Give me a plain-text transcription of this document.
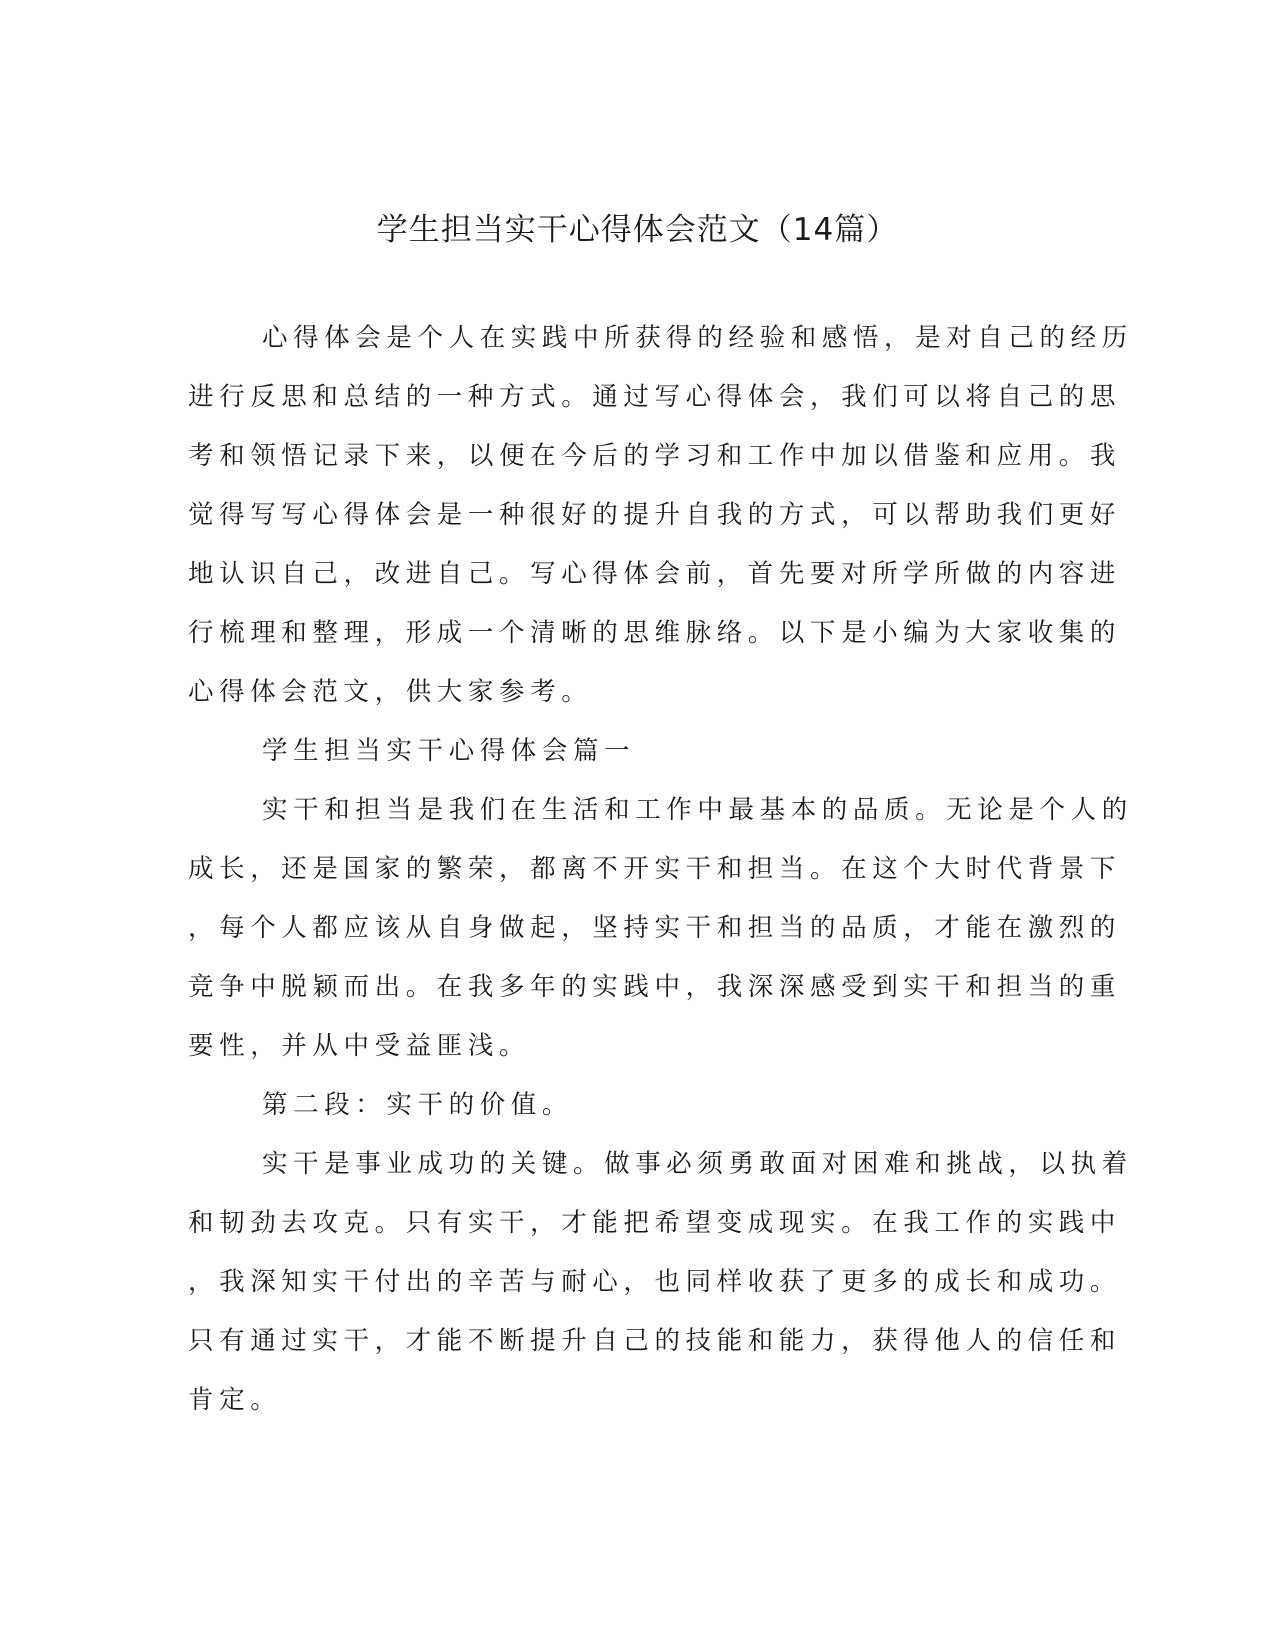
学生担当实干心得体会范文（14篇）

心得体会是个人在实践中所获得的经验和感悟，是对自己的经历

进行反思和总结的一种方式。通过写心得体会，我们可以将自己的思

考和领悟记录下来，以便在今后的学习和工作中加以借鉴和应用。我

觉得写写心得体会是一种很好的提升自我的方式，可以帮助我们更好

地认识自己，改进自己。写心得体会前，首先要对所学所做的内容进

行梳理和整理，形成一个清晰的思维脉络。以下是小编为大家收集的

心得体会范文，供大家参考。

学生担当实干心得体会篇一

实干和担当是我们在生活和工作中最基本的品质。无论是个人的

成长，还是国家的繁荣，都离不开实干和担当。在这个大时代背景下

，每个人都应该从自身做起，坚持实干和担当的品质，才能在激烈的

竞争中脱颖而出。在我多年的实践中，我深深感受到实干和担当的重

要性，并从中受益匪浅。

第二段：实干的价值。

实干是事业成功的关键。做事必须勇敢面对困难和挑战，以执着

和韧劲去攻克。只有实干，才能把希望变成现实。在我工作的实践中

，我深知实干付出的辛苦与耐心，也同样收获了更多的成长和成功。

只有通过实干，才能不断提升自己的技能和能力，获得他人的信任和

肯定。
